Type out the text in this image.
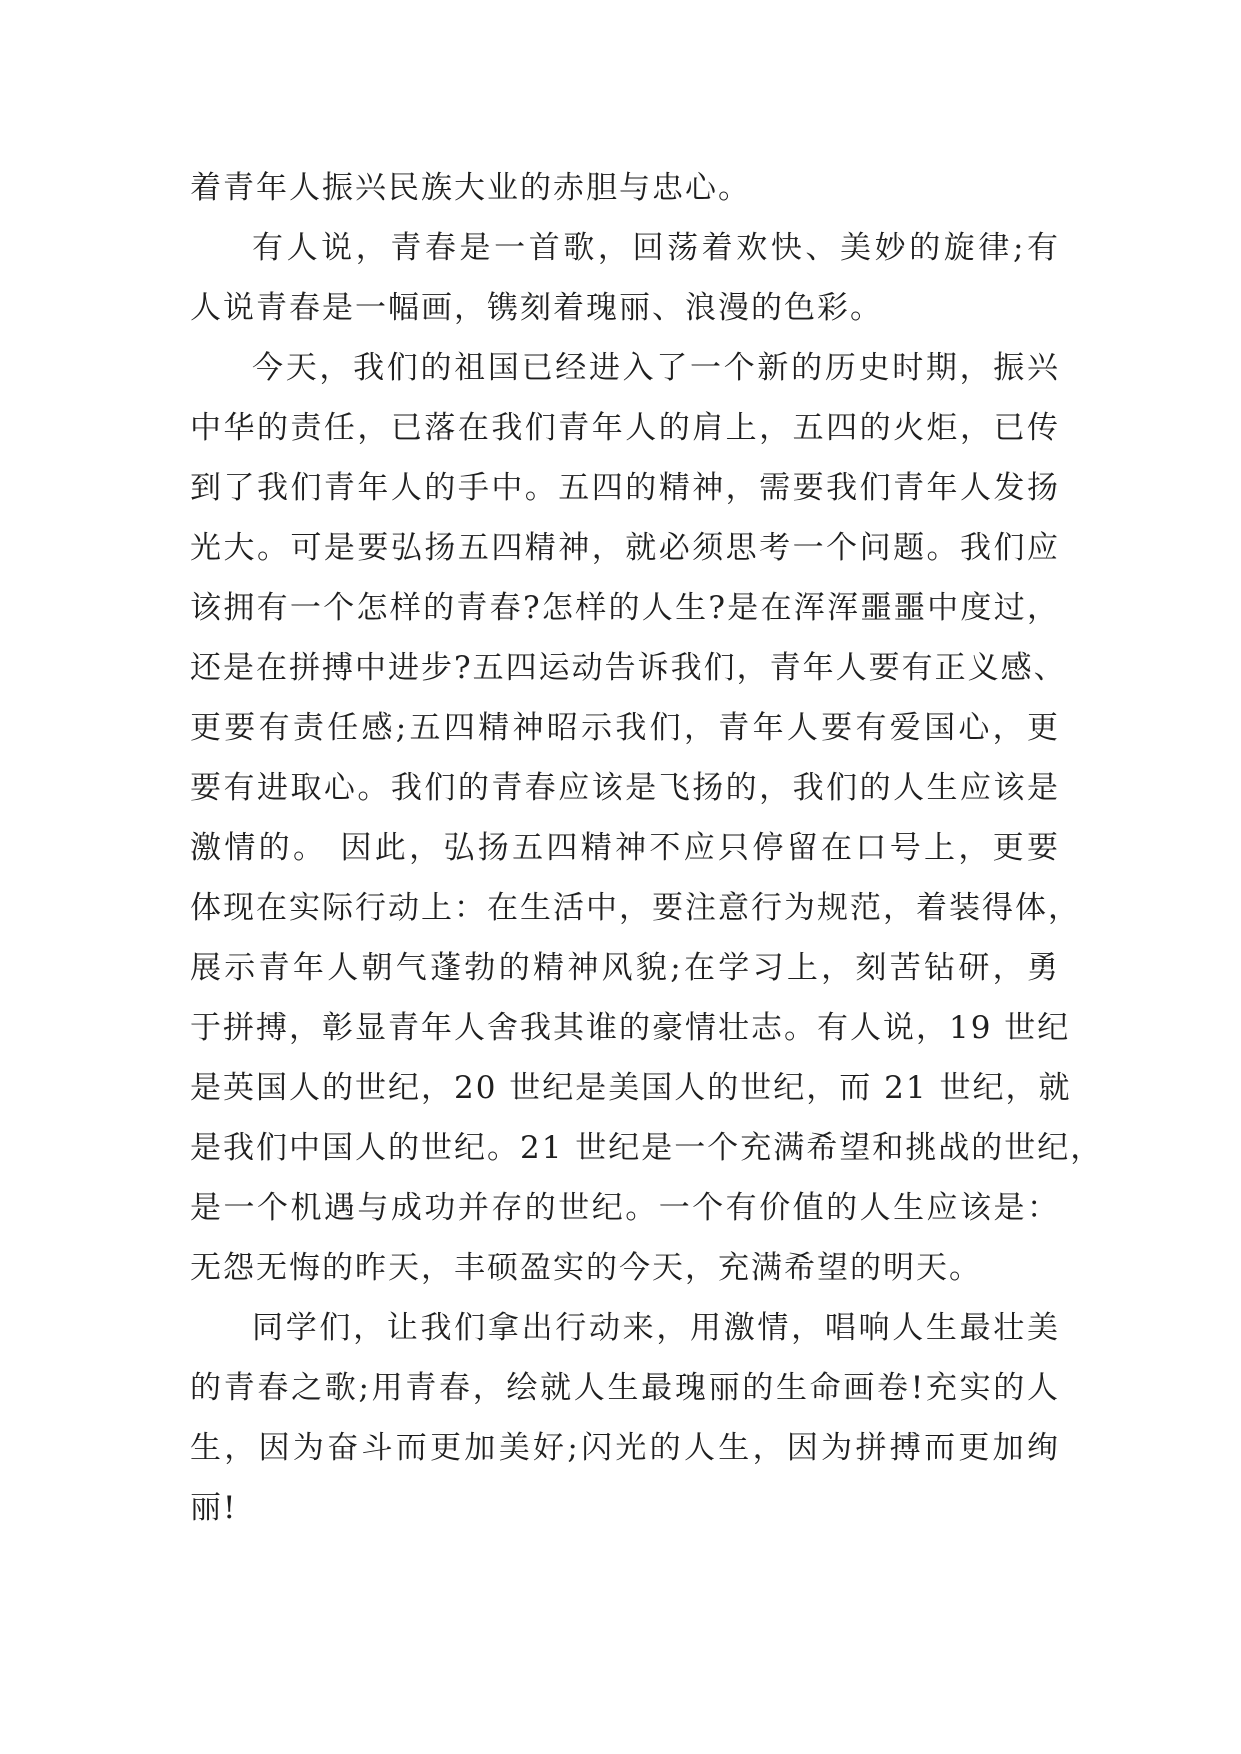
着青年人振兴民族大业的赤胆与忠心。
有人说，青春是一首歌，回荡着欢快、美妙的旋律;有
人说青春是一幅画，镌刻着瑰丽、浪漫的色彩。
今天，我们的祖国已经进入了一个新的历史时期，振兴
中华的责任，已落在我们青年人的肩上，五四的火炬，已传
到了我们青年人的手中。五四的精神，需要我们青年人发扬
光大。可是要弘扬五四精神，就必须思考一个问题。我们应
该拥有一个怎样的青春?怎样的人生?是在浑浑噩噩中度过，
还是在拼搏中进步?五四运动告诉我们，青年人要有正义感、
更要有责任感;五四精神昭示我们，青年人要有爱国心，更
要有进取心。我们的青春应该是飞扬的，我们的人生应该是
激情的。 因此，弘扬五四精神不应只停留在口号上，更要
体现在实际行动上：在生活中，要注意行为规范，着装得体，
展示青年人朝气蓬勃的精神风貌;在学习上，刻苦钻研，勇
于拼搏，彰显青年人舍我其谁的豪情壮志。有人说，19 世纪
是英国人的世纪，20 世纪是美国人的世纪，而 21 世纪，就
是我们中国人的世纪。21 世纪是一个充满希望和挑战的世纪，
是一个机遇与成功并存的世纪。一个有价值的人生应该是：
无怨无悔的昨天，丰硕盈实的今天，充满希望的明天。
同学们，让我们拿出行动来，用激情，唱响人生最壮美
的青春之歌;用青春，绘就人生最瑰丽的生命画卷!充实的人
生，因为奋斗而更加美好;闪光的人生，因为拼搏而更加绚
丽!
